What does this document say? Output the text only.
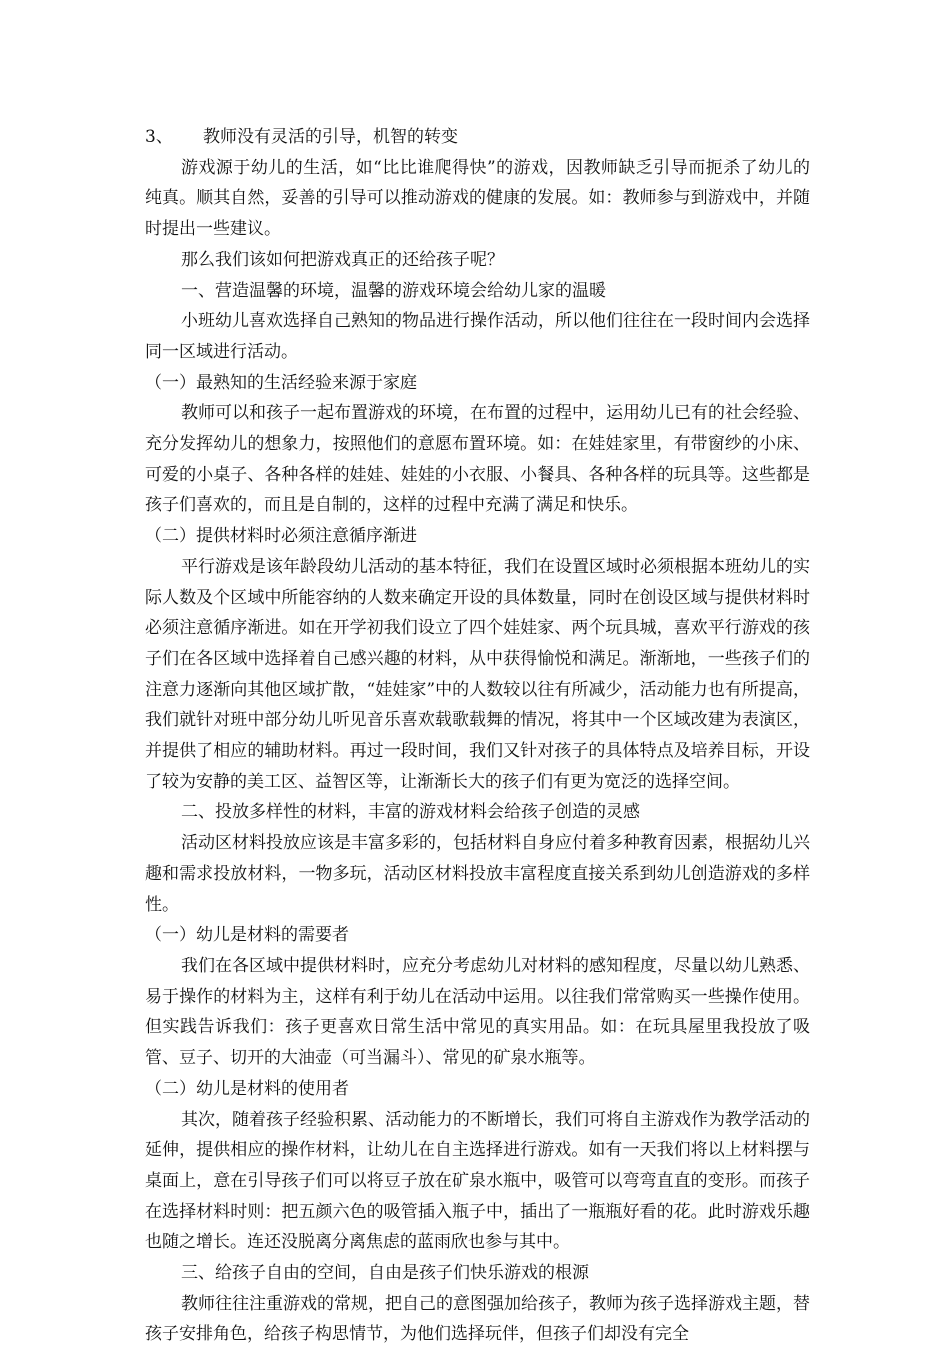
3、 教师没有灵活的引导，机智的转变

游戏源于幼儿的生活，如“比比谁爬得快”的游戏，因教师缺乏引导而扼杀了幼儿的纯真。顺其自然，妥善的引导可以推动游戏的健康的发展。如：教师参与到游戏中，并随时提出一些建议。

那么我们该如何把游戏真正的还给孩子呢？

一、营造温馨的环境，温馨的游戏环境会给幼儿家的温暖

小班幼儿喜欢选择自己熟知的物品进行操作活动，所以他们往往在一段时间内会选择同一区域进行活动。

（一）最熟知的生活经验来源于家庭

教师可以和孩子一起布置游戏的环境，在布置的过程中，运用幼儿已有的社会经验、充分发挥幼儿的想象力，按照他们的意愿布置环境。如：在娃娃家里，有带窗纱的小床、可爱的小桌子、各种各样的娃娃、娃娃的小衣服、小餐具、各种各样的玩具等。这些都是孩子们喜欢的，而且是自制的，这样的过程中充满了满足和快乐。

（二）提供材料时必须注意循序渐进

平行游戏是该年龄段幼儿活动的基本特征，我们在设置区域时必须根据本班幼儿的实际人数及个区域中所能容纳的人数来确定开设的具体数量，同时在创设区域与提供材料时必须注意循序渐进。如在开学初我们设立了四个娃娃家、两个玩具城，喜欢平行游戏的孩子们在各区域中选择着自己感兴趣的材料，从中获得愉悦和满足。渐渐地，一些孩子们的注意力逐渐向其他区域扩散，“娃娃家”中的人数较以往有所减少，活动能力也有所提高，我们就针对班中部分幼儿听见音乐喜欢载歌载舞的情况，将其中一个区域改建为表演区，并提供了相应的辅助材料。再过一段时间，我们又针对孩子的具体特点及培养目标，开设了较为安静的美工区、益智区等，让渐渐长大的孩子们有更为宽泛的选择空间。

二、投放多样性的材料，丰富的游戏材料会给孩子创造的灵感

活动区材料投放应该是丰富多彩的，包括材料自身应付着多种教育因素，根据幼儿兴趣和需求投放材料，一物多玩，活动区材料投放丰富程度直接关系到幼儿创造游戏的多样性。

（一）幼儿是材料的需要者

我们在各区域中提供材料时，应充分考虑幼儿对材料的感知程度，尽量以幼儿熟悉、易于操作的材料为主，这样有利于幼儿在活动中运用。以往我们常常购买一些操作使用。但实践告诉我们：孩子更喜欢日常生活中常见的真实用品。如：在玩具屋里我投放了吸管、豆子、切开的大油壶（可当漏斗）、常见的矿泉水瓶等。

（二）幼儿是材料的使用者

其次，随着孩子经验积累、活动能力的不断增长，我们可将自主游戏作为教学活动的延伸，提供相应的操作材料，让幼儿在自主选择进行游戏。如有一天我们将以上材料摆与桌面上，意在引导孩子们可以将豆子放在矿泉水瓶中，吸管可以弯弯直直的变形。而孩子在选择材料时则：把五颜六色的吸管插入瓶子中，插出了一瓶瓶好看的花。此时游戏乐趣也随之增长。连还没脱离分离焦虑的蓝雨欣也参与其中。

三、给孩子自由的空间，自由是孩子们快乐游戏的根源

教师往往注重游戏的常规，把自己的意图强加给孩子，教师为孩子选择游戏主题，替孩子安排角色，给孩子构思情节，为他们选择玩伴，但孩子们却没有完全
